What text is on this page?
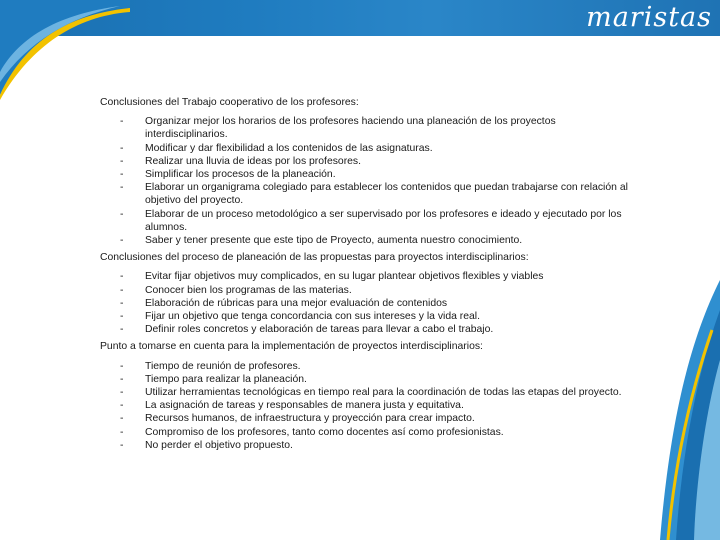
maristas

Conclusiones del Trabajo cooperativo de los profesores:

- Organizar mejor los horarios de los profesores haciendo una planeación de los proyectos interdisciplinarios.
- Modificar y dar flexibilidad a los contenidos de las asignaturas.
- Realizar una lluvia de ideas por los profesores.
- Simplificar los procesos de la planeación.
- Elaborar un organigrama colegiado para establecer los contenidos que puedan trabajarse con relación al objetivo del proyecto.
- Elaborar de un proceso metodológico a ser supervisado por los profesores e ideado y ejecutado por los alumnos.
- Saber y tener presente que este tipo de Proyecto, aumenta nuestro conocimiento.

Conclusiones del proceso de planeación de las propuestas para proyectos interdisciplinarios:

- Evitar fijar objetivos muy complicados, en su lugar plantear objetivos flexibles y viables
- Conocer bien los programas de las materias.
- Elaboración de rúbricas para una mejor evaluación de contenidos
- Fijar un objetivo que tenga concordancia con sus intereses y la vida real.
- Definir roles concretos y elaboración de tareas para llevar a cabo el trabajo.

Punto a tomarse en cuenta para la implementación de proyectos interdisciplinarios:

- Tiempo de reunión de profesores.
- Tiempo para realizar la planeación.
- Utilizar herramientas tecnológicas en tiempo real para la coordinación de todas las etapas del proyecto.
- La asignación de tareas y responsables de manera justa y equitativa.
- Recursos humanos, de infraestructura y proyección para crear impacto.
- Compromiso de los profesores, tanto como docentes así como profesionistas.
- No perder el objetivo propuesto.
